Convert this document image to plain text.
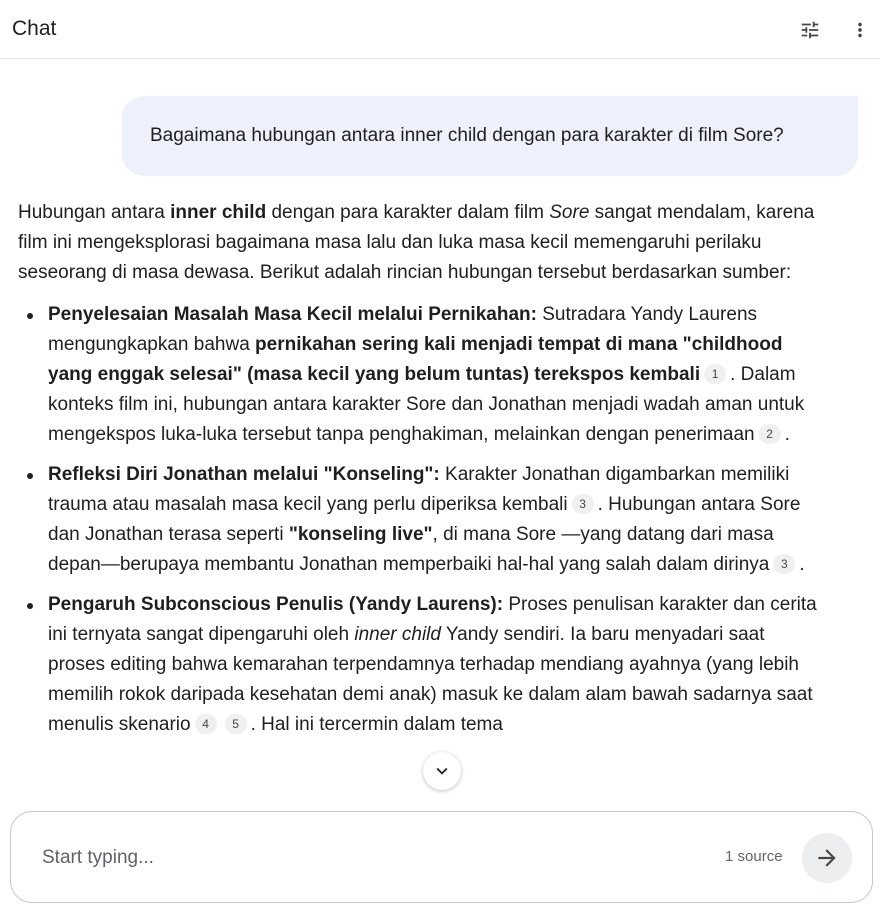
Chat
Bagaimana hubungan antara inner child dengan para karakter di film Sore?

Hubungan antara inner child dengan para karakter dalam film Sore sangat mendalam, karena film ini mengeksplorasi bagaimana masa lalu dan luka masa kecil memengaruhi perilaku seseorang di masa dewasa. Berikut adalah rincian hubungan tersebut berdasarkan sumber:

Penyelesaian Masalah Masa Kecil melalui Pernikahan: Sutradara Yandy Laurens mengungkapkan bahwa pernikahan sering kali menjadi tempat di mana "childhood yang enggak selesai" (masa kecil yang belum tuntas) terekspos kembali 1 . Dalam konteks film ini, hubungan antara karakter Sore dan Jonathan menjadi wadah aman untuk mengekspos luka-luka tersebut tanpa penghakiman, melainkan dengan penerimaan 2 .
Refleksi Diri Jonathan melalui "Konseling": Karakter Jonathan digambarkan memiliki trauma atau masalah masa kecil yang perlu diperiksa kembali 3 . Hubungan antara Sore dan Jonathan terasa seperti "konseling live", di mana Sore —yang datang dari masa depan—berupaya membantu Jonathan memperbaiki hal-hal yang salah dalam dirinya 3 .
Pengaruh Subconscious Penulis (Yandy Laurens): Proses penulisan karakter dan cerita ini ternyata sangat dipengaruhi oleh inner child Yandy sendiri. Ia baru menyadari saat proses editing bahwa kemarahan terpendamnya terhadap mendiang ayahnya (yang lebih memilih rokok daripada kesehatan demi anak) masuk ke dalam alam bawah sadarnya saat menulis skenario 4 5 . Hal ini tercermin dalam tema
Start typing...
1 source
